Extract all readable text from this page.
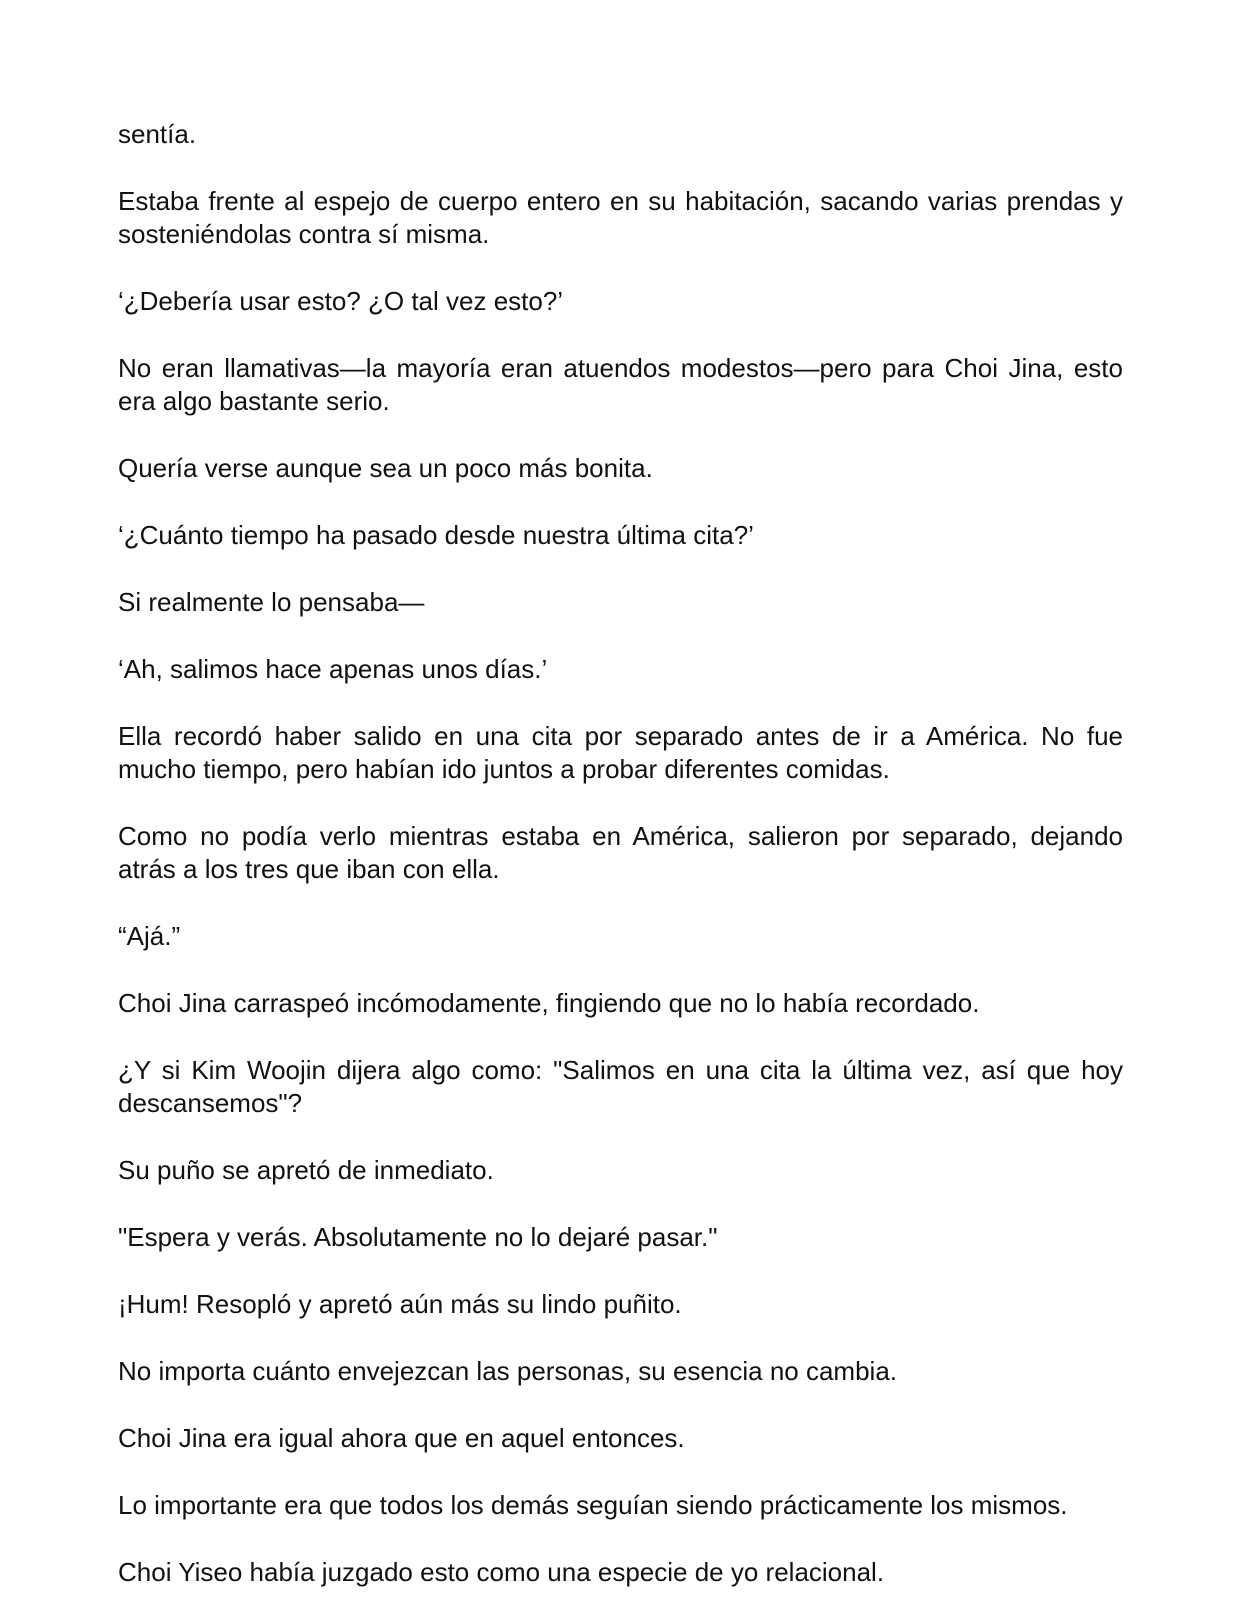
sentía.

Estaba frente al espejo de cuerpo entero en su habitación, sacando varias prendas y sosteniéndolas contra sí misma.

‘¿Debería usar esto? ¿O tal vez esto?’

No eran llamativas—la mayoría eran atuendos modestos—pero para Choi Jina, esto era algo bastante serio.

Quería verse aunque sea un poco más bonita.

‘¿Cuánto tiempo ha pasado desde nuestra última cita?’

Si realmente lo pensaba—

‘Ah, salimos hace apenas unos días.’

Ella recordó haber salido en una cita por separado antes de ir a América. No fue mucho tiempo, pero habían ido juntos a probar diferentes comidas.

Como no podía verlo mientras estaba en América, salieron por separado, dejando atrás a los tres que iban con ella.

“Ajá.”

Choi Jina carraspeó incómodamente, fingiendo que no lo había recordado.

¿Y si Kim Woojin dijera algo como: "Salimos en una cita la última vez, así que hoy descansemos"?

Su puño se apretó de inmediato.

"Espera y verás. Absolutamente no lo dejaré pasar."

¡Hum! Resopló y apretó aún más su lindo puñito.

No importa cuánto envejezcan las personas, su esencia no cambia.

Choi Jina era igual ahora que en aquel entonces.

Lo importante era que todos los demás seguían siendo prácticamente los mismos.

Choi Yiseo había juzgado esto como una especie de yo relacional.
